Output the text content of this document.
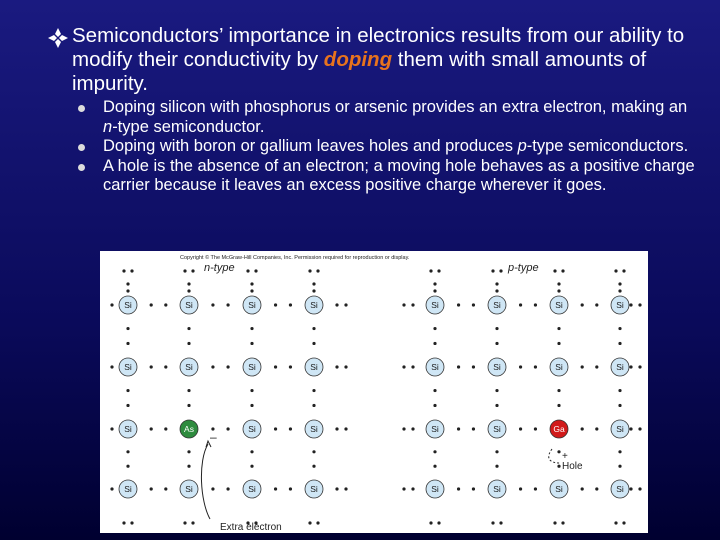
Semiconductors’ importance in electronics results from our ability to modify their conductivity by doping them with small amounts of impurity.
Doping silicon with phosphorus or arsenic provides an extra electron, making an n-type semiconductor.
Doping with boron or gallium leaves holes and produces p-type semiconductors.
A hole is the absence of an electron; a moving hole behaves as a positive charge carrier because it leaves an excess positive charge wherever it goes.
Copyright © The McGraw-Hill Companies, Inc. Permission required for reproduction or display.
n-type	p-type
Si	Si	Si	Si
Si	Si	Si	Si
Si	As	Si	Si
Si	Si	Si	Si
Si	Si	Si	Si
Si	Si	Si	Si
Si	Si	Ga	Si
Si	Si	Si	Si
–
Extra electron
+
Hole
